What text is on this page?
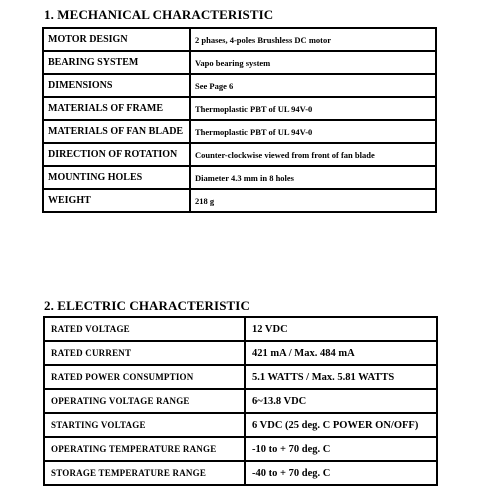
1. MECHANICAL CHARACTERISTIC
MOTOR DESIGN	2 phases, 4-poles Brushless DC motor
BEARING SYSTEM	Vapo bearing system
DIMENSIONS	See Page 6
MATERIALS OF FRAME	Thermoplastic PBT of UL 94V-0
MATERIALS OF FAN BLADE	Thermoplastic PBT of UL 94V-0
DIRECTION OF ROTATION	Counter-clockwise viewed from front of fan blade
MOUNTING HOLES	Diameter 4.3 mm in 8 holes
WEIGHT	218 g
2. ELECTRIC CHARACTERISTIC
RATED VOLTAGE	12 VDC
RATED CURRENT	421 mA / Max. 484 mA
RATED POWER CONSUMPTION	5.1 WATTS / Max. 5.81 WATTS
OPERATING VOLTAGE RANGE	6~13.8 VDC
STARTING VOLTAGE	6 VDC (25 deg. C POWER ON/OFF)
OPERATING TEMPERATURE RANGE	-10 to + 70 deg. C
STORAGE TEMPERATURE RANGE	-40 to + 70 deg. C
